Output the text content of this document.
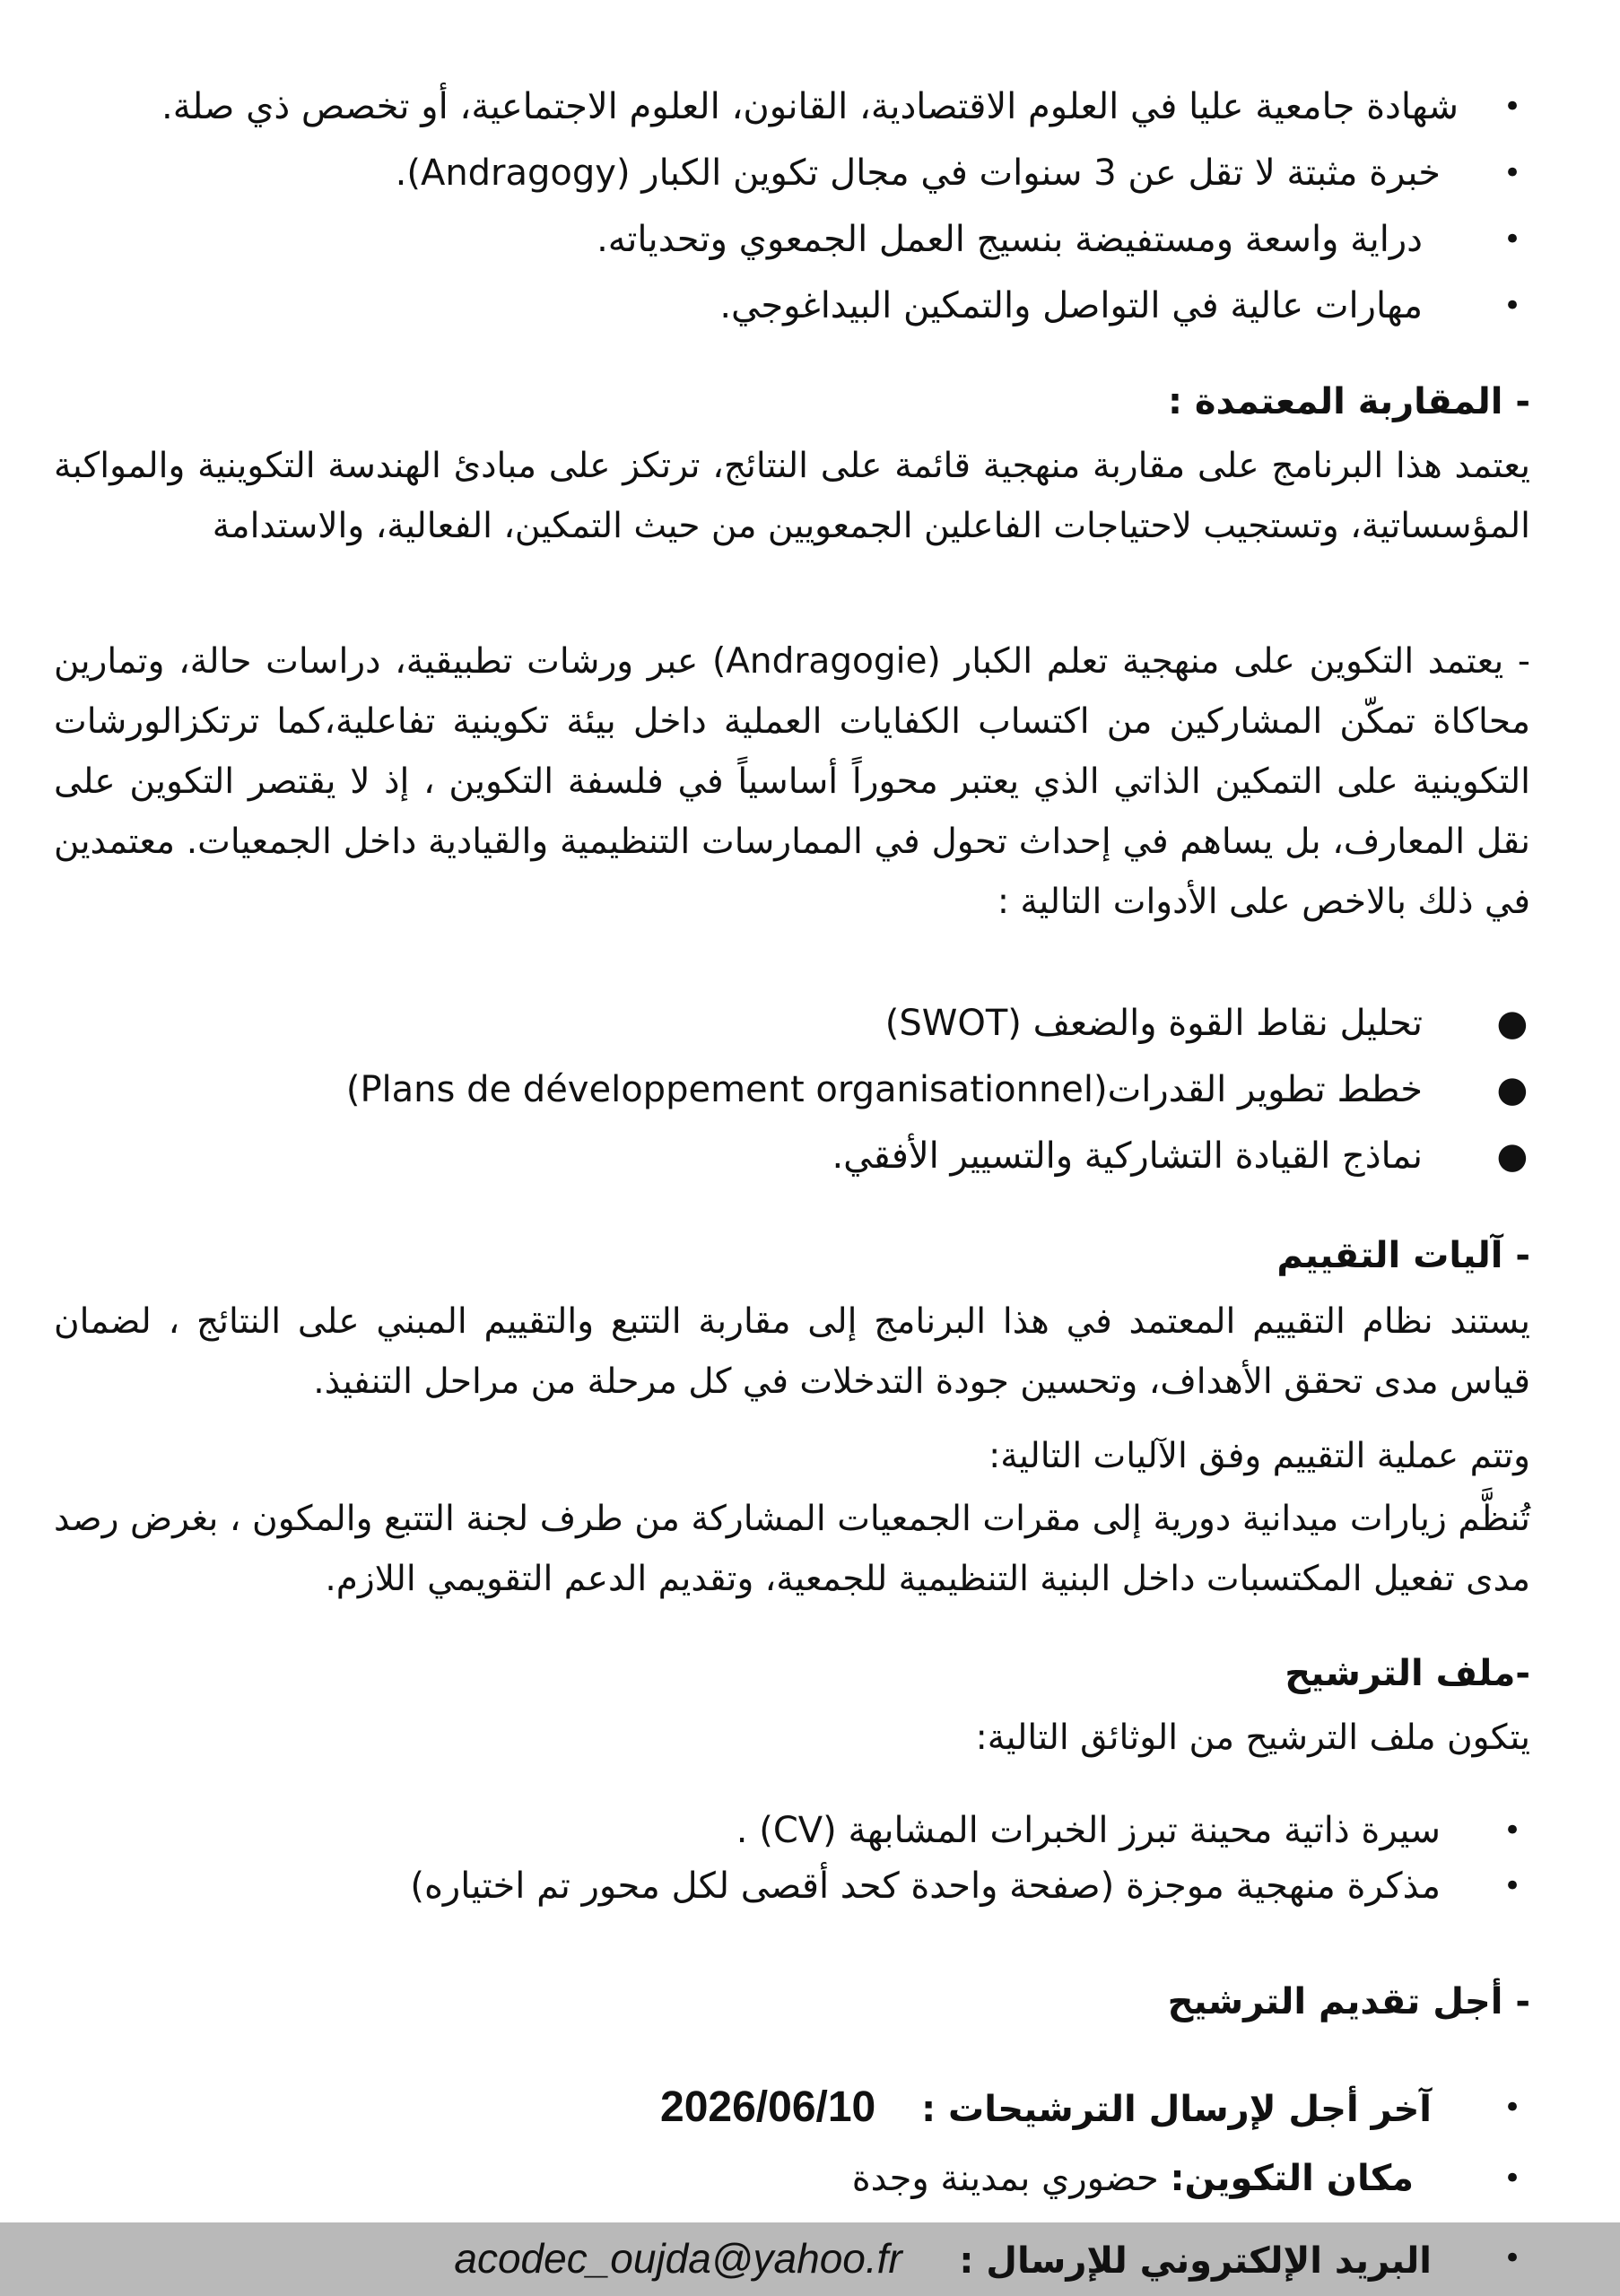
•
شهادة جامعية عليا في العلوم الاقتصادية، القانون، العلوم الاجتماعية، أو تخصص ذي صلة.
•
خبرة مثبتة لا تقل عن 3 سنوات في مجال تكوين الكبار (Andragogy).
•
دراية واسعة ومستفيضة بنسيج العمل الجمعوي وتحدياته.
•
مهارات عالية في التواصل والتمكين البيداغوجي.
- المقاربة المعتمدة :

يعتمد هذا البرنامج على مقاربة منهجية قائمة على النتائج، ترتكز على مبادئ الهندسة التكوينية والمواكبة المؤسساتية، وتستجيب لاحتياجات الفاعلين الجمعويين من حيث التمكين، الفعالية، والاستدامة

- يعتمد التكوين على منهجية تعلم الكبار (Andragogie) عبر ورشات تطبيقية، دراسات حالة، وتمارين محاكاة تمكّن المشاركين من اكتساب الكفايات العملية داخل بيئة تكوينية تفاعلية،كما ترتكزالورشات التكوينية على التمكين الذاتي الذي يعتبر محوراً أساسياً في فلسفة التكوين ، إذ لا يقتصر التكوين على نقل المعارف، بل يساهم في إحداث تحول في الممارسات التنظيمية والقيادية داخل الجمعيات. معتمدين في ذلك بالاخص على الأدوات التالية :

●
تحليل نقاط القوة والضعف (SWOT)
●
خطط تطوير القدرات(Plans de développement organisationnel)
●
نماذج القيادة التشاركية والتسيير الأفقي.
- آليات التقييم

يستند نظام التقييم المعتمد في هذا البرنامج إلى مقاربة التتبع والتقييم المبني على النتائج ، لضمان قياس مدى تحقق الأهداف، وتحسين جودة التدخلات في كل مرحلة من مراحل التنفيذ.

وتتم عملية التقييم وفق الآليات التالية:

تُنظَّم زيارات ميدانية دورية إلى مقرات الجمعيات المشاركة من طرف لجنة التتبع والمكون ، بغرض رصد مدى تفعيل المكتسبات داخل البنية التنظيمية للجمعية، وتقديم الدعم التقويمي اللازم.

-ملف الترشيح

يتكون ملف الترشيح من الوثائق التالية:

•
سيرة ذاتية محينة تبرز الخبرات المشابهة (CV) .
•
مذكرة منهجية موجزة (صفحة واحدة كحد أقصى لكل محور تم اختياره)
- أجل تقديم الترشيح
•
آخر أجل لإرسال الترشيحات :    2026/06/10
•
مكان التكوين: حضوري بمدينة وجدة
•
البريد الإلكتروني للإرسال :     acodec_oujda@yahoo.fr
